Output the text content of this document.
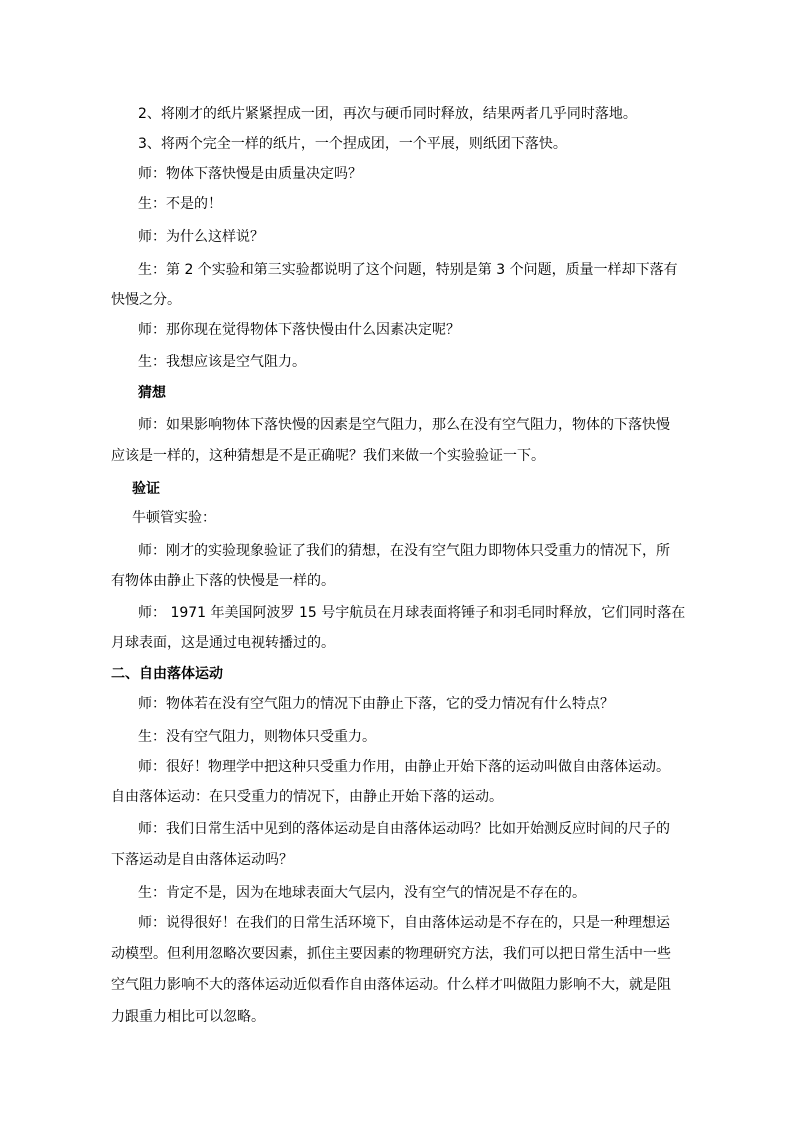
2、将刚才的纸片紧紧捏成一团，再次与硬币同时释放，结果两者几乎同时落地。
3、将两个完全一样的纸片，一个捏成团，一个平展，则纸团下落快。
师：物体下落快慢是由质量决定吗？
生：不是的！
师：为什么这样说？
生：第 2 个实验和第三实验都说明了这个问题，特别是第 3 个问题，质量一样却下落有
快慢之分。
师：那你现在觉得物体下落快慢由什么因素决定呢？
生：我想应该是空气阻力。
猜想
师：如果影响物体下落快慢的因素是空气阻力，那么在没有空气阻力，物体的下落快慢
应该是一样的，这种猜想是不是正确呢？我们来做一个实验验证一下。
验证
牛顿管实验：
师：刚才的实验现象验证了我们的猜想，在没有空气阻力即物体只受重力的情况下，所
有物体由静止下落的快慢是一样的。
师： 1971 年美国阿波罗 15 号宇航员在月球表面将锤子和羽毛同时释放，它们同时落在
月球表面，这是通过电视转播过的。
二、自由落体运动
师：物体若在没有空气阻力的情况下由静止下落，它的受力情况有什么特点？
生：没有空气阻力，则物体只受重力。
师：很好！物理学中把这种只受重力作用，由静止开始下落的运动叫做自由落体运动。
自由落体运动：在只受重力的情况下，由静止开始下落的运动。
师：我们日常生活中见到的落体运动是自由落体运动吗？比如开始测反应时间的尺子的
下落运动是自由落体运动吗？
生：肯定不是，因为在地球表面大气层内，没有空气的情况是不存在的。
师：说得很好！在我们的日常生活环境下，自由落体运动是不存在的，只是一种理想运
动模型。但利用忽略次要因素，抓住主要因素的物理研究方法，我们可以把日常生活中一些
空气阻力影响不大的落体运动近似看作自由落体运动。什么样才叫做阻力影响不大，就是阻
力跟重力相比可以忽略。
